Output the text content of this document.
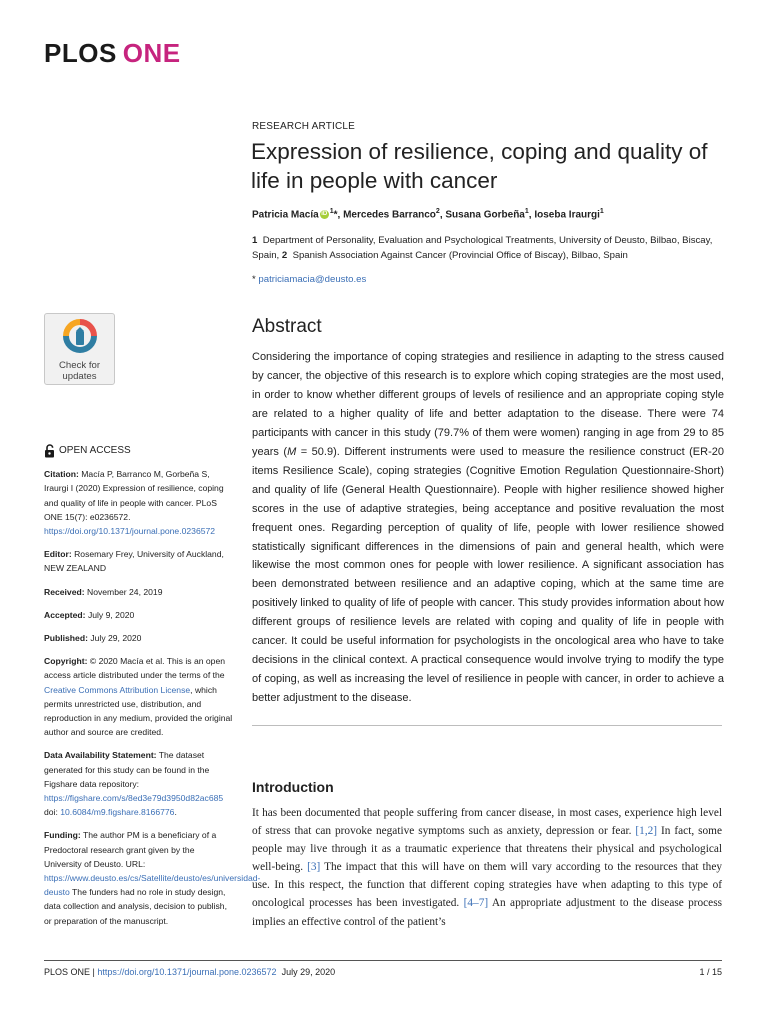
PLOS ONE
RESEARCH ARTICLE
Expression of resilience, coping and quality of life in people with cancer
Patricia Macía iD $^1$*, Mercedes Barranco$^2$, Susana Gorbeña$^1$, Ioseba Iraurgi$^1$
1 Department of Personality, Evaluation and Psychological Treatments, University of Deusto, Bilbao, Biscay, Spain, 2 Spanish Association Against Cancer (Provincial Office of Biscay), Bilbao, Spain
* patriciamacia@deusto.es
Check for
updates
OPEN ACCESS

Citation: Macía P, Barranco M, Gorbeña S, Iraurgi I (2020) Expression of resilience, coping and quality of life in people with cancer. PLoS ONE 15(7): e0236572. https://doi.org/10.1371/journal.pone.0236572

Editor: Rosemary Frey, University of Auckland, NEW ZEALAND

Received: November 24, 2019

Accepted: July 9, 2020

Published: July 29, 2020

Copyright: © 2020 Macía et al. This is an open access article distributed under the terms of the Creative Commons Attribution License, which permits unrestricted use, distribution, and reproduction in any medium, provided the original author and source are credited.

Data Availability Statement: The dataset generated for this study can be found in the Figshare data repository: https://figshare.com/s/8ed3e79d3950d82ac685 doi: 10.6084/m9.figshare.8166776.

Funding: The author PM is a beneficiary of a Predoctoral research grant given by the University of Deusto. URL: https://www.deusto.es/cs/Satellite/deusto/es/universidad-deusto The funders had no role in study design, data collection and analysis, decision to publish, or preparation of the manuscript.

Abstract
Considering the importance of coping strategies and resilience in adapting to the stress caused by cancer, the objective of this research is to explore which coping strategies are the most used, in order to know whether different groups of levels of resilience and an appropriate coping style are related to a higher quality of life and better adaptation to the disease. There were 74 participants with cancer in this study (79.7% of them were women) ranging in age from 29 to 85 years (M = 50.9). Different instruments were used to measure the resilience construct (ER-20 items Resilience Scale), coping strategies (Cognitive Emotion Regulation Questionnaire-Short) and quality of life (General Health Questionnaire). People with higher resilience showed higher scores in the use of adaptive strategies, being acceptance and positive revaluation the most frequent ones. Regarding perception of quality of life, people with lower resilience showed statistically significant differences in the dimensions of pain and general health, which were likewise the most common ones for people with lower resilience. A significant association has been demonstrated between resilience and an adaptive coping, which at the same time are positively linked to quality of life of people with cancer. This study provides information about how different groups of resilience levels are related with coping and quality of life in people with cancer. It could be useful information for psychologists in the oncological area who have to take decisions in the clinical context. A practical consequence would involve trying to modify the type of coping, as well as increasing the level of resilience in people with cancer, in order to achieve a better adjustment to the disease.
Introduction
It has been documented that people suffering from cancer disease, in most cases, experience high level of stress that can provoke negative symptoms such as anxiety, depression or fear. [1,2] In fact, some people may live through it as a traumatic experience that threatens their physical and psychological well-being. [3] The impact that this will have on them will vary according to the resources that they use. In this respect, the function that different coping strategies have when adapting to this type of oncological processes has been investigated. [4–7] An appropriate adjustment to the disease process implies an effective control of the patient’s
PLOS ONE | https://doi.org/10.1371/journal.pone.0236572 July 29, 2020	1 / 15
